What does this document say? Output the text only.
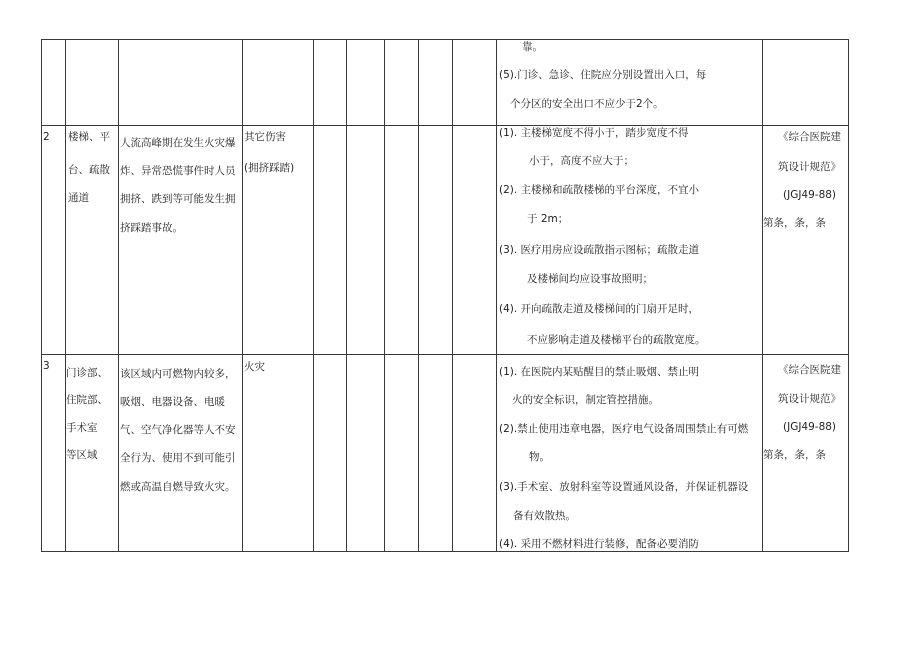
靠。
(5).门诊、急诊、住院应分别设置出入口，每
个分区的安全出口不应少于2个。
2 楼梯、平
台、疏散
通道
人流高峰期在发生火灾爆
炸、异常恐慌事件时人员
拥挤、跌到等可能发生拥
挤踩踏事故。
其它伤害
(拥挤踩踏)
(1). 主楼梯宽度不得小于，踏步宽度不得
小于，高度不应大于；
(2). 主楼梯和疏散楼梯的平台深度，不宜小
于 2m；
(3). 医疗用房应设疏散指示图标；疏散走道
及楼梯间均应设事故照明；
(4). 开向疏散走道及楼梯间的门扇开足时，
不应影响走道及楼梯平台的疏散宽度。
《综合医院建
筑设计规范》
(JGJ49-88)
第条，条，条
3
门诊部、
住院部、
手术室
等区域
该区域内可燃物内较多，
吸烟、电器设备、电暖
气、空气净化器等人不安
全行为、使用不到可能引
燃或高温自燃导致火灾。
火灾	(1). 在医院内某贴醒目的禁止吸烟、禁止明
火的安全标识，制定管控措施。
(2).禁止使用违章电器，医疗电气设备周围禁止有可燃
物。
(3).手术室、放射科室等设置通风设备，并保证机器设
备有效散热。
(4). 采用不燃材料进行装修，配备必要消防
《综合医院建
筑设计规范》
(JGJ49-88)
第条，条，条
